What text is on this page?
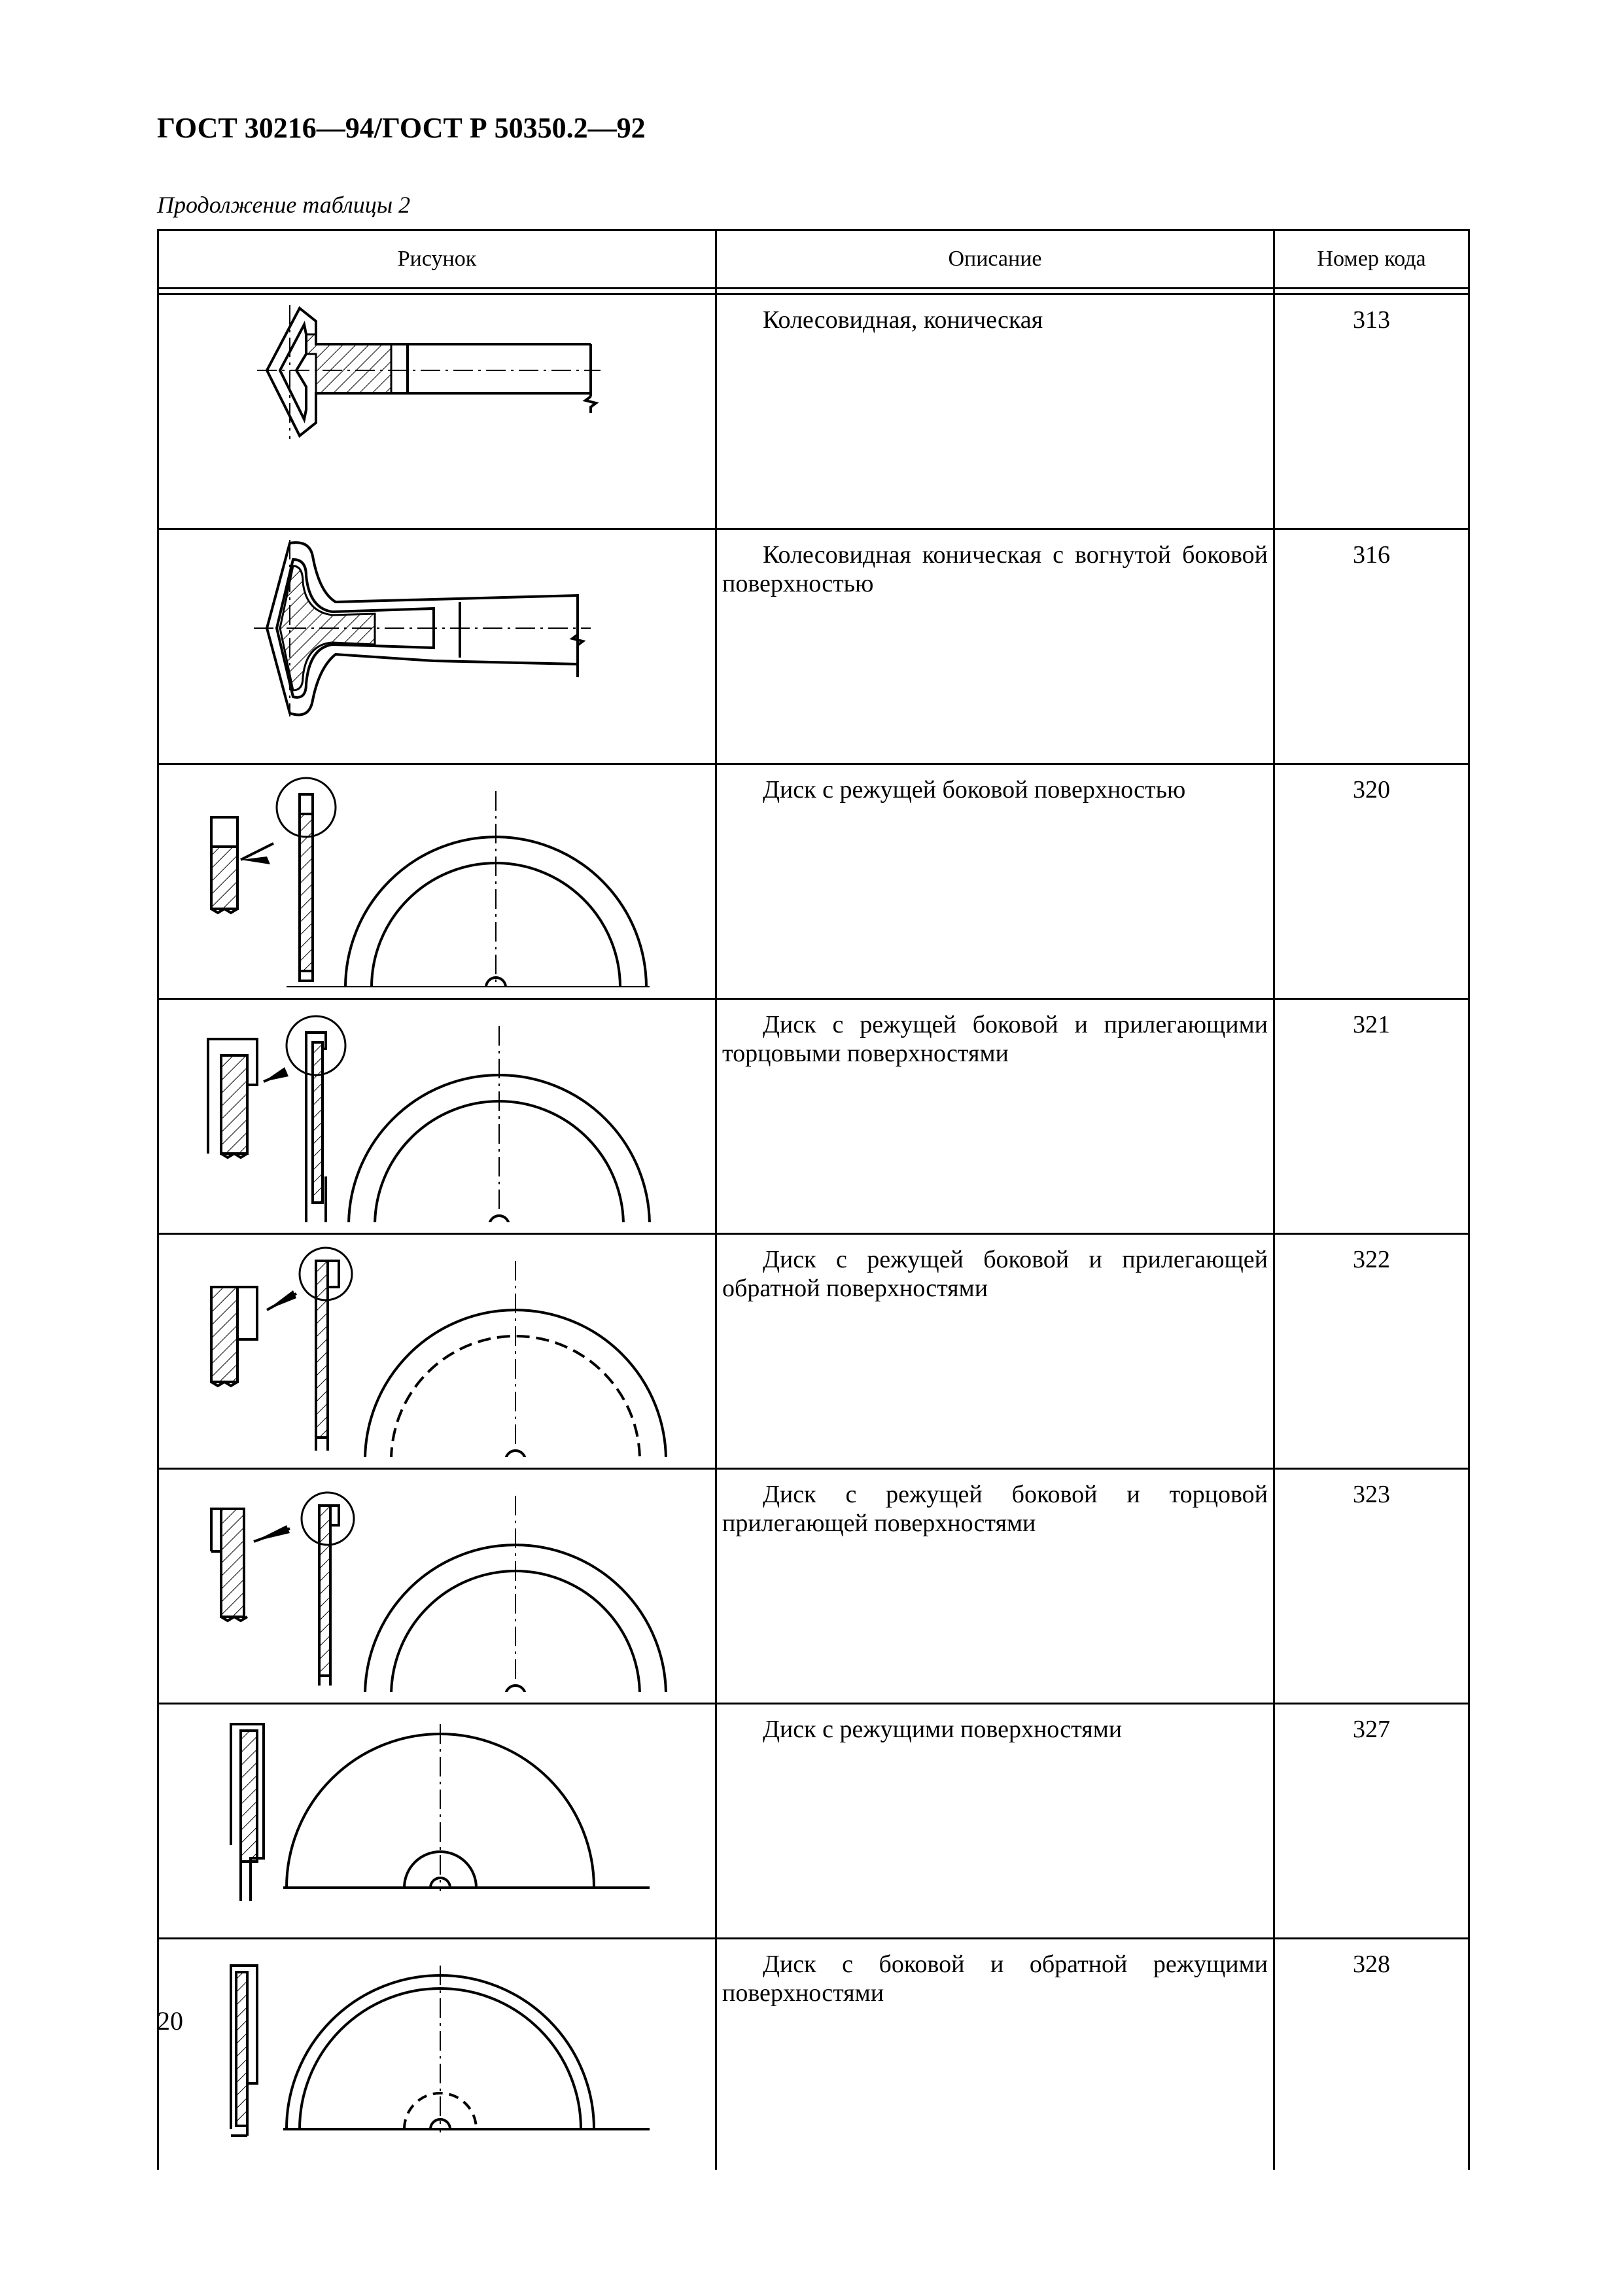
ГОСТ 30216—94/ГОСТ Р 50350.2—92
Продолжение таблицы 2
Рисунок	Описание	Номер кода

	Колесовидная, коническая	313

	Колесовидная коническая с вогнутой боковой поверхностью	316

	Диск с режущей боковой поверхностью	320

	Диск с режущей боковой и прилегающими торцовыми поверхностями	321

	Диск с режущей боковой и прилегающей обратной поверхностями	322

	Диск с режущей боковой и торцовой прилегающей поверхностями	323

	Диск с режущими поверхностями	327

	Диск с боковой и обратной режущими поверхностями	328
20
